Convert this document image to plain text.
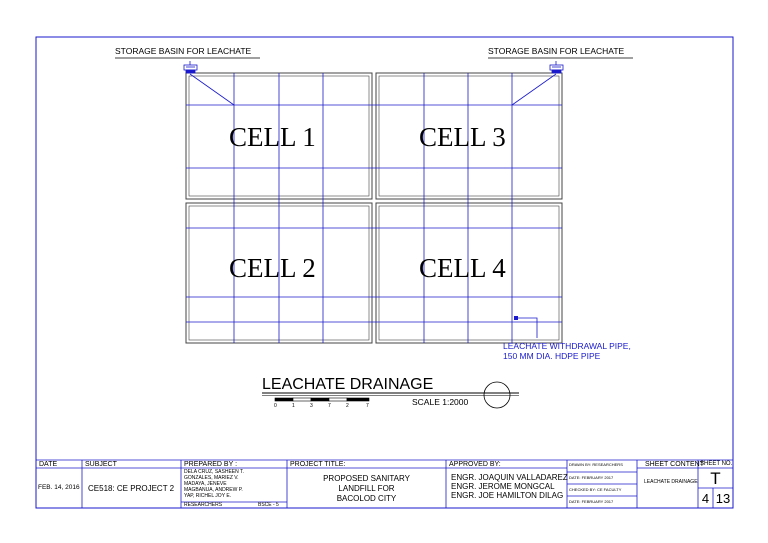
STORAGE BASIN FOR LEACHATE	STORAGE BASIN FOR LEACHATE
CELL 1	CELL 3
CELL 2	CELL 4
LEACHATE WITHDRAWAL PIPE,
150 MM DIA. HDPE PIPE
LEACHATE DRAINAGE
SCALE 1:2000
0	1	3	7	2	7
DATE
FEB. 14, 2016
SUBJECT
CE518: CE PROJECT 2
PREPARED BY :
DELA CRUZ, SASHEEN T.
GONZALES, MARIEZ V.
MADAYA, JENEVE
MAGBANUA, ANDREW P.
YAP, RICHEL JOY E.
RESEARCHERS	BSCE - 5
PROJECT TITLE:
PROPOSED SANITARY
LANDFILL FOR
BACOLOD CITY
APPROVED BY:
ENGR. JOAQUIN VALLADAREZ
ENGR. JEROME MONGCAL
ENGR. JOE HAMILTON DILAG
DRAWN BY: RESEARCHERS
DATE: FEBRUARY 2017
CHECKED BY: CE FACULTY
DATE: FEBRUARY 2017
SHEET CONTENT
LEACHATE DRAINAGE
SHEET NO.
T
4 13
